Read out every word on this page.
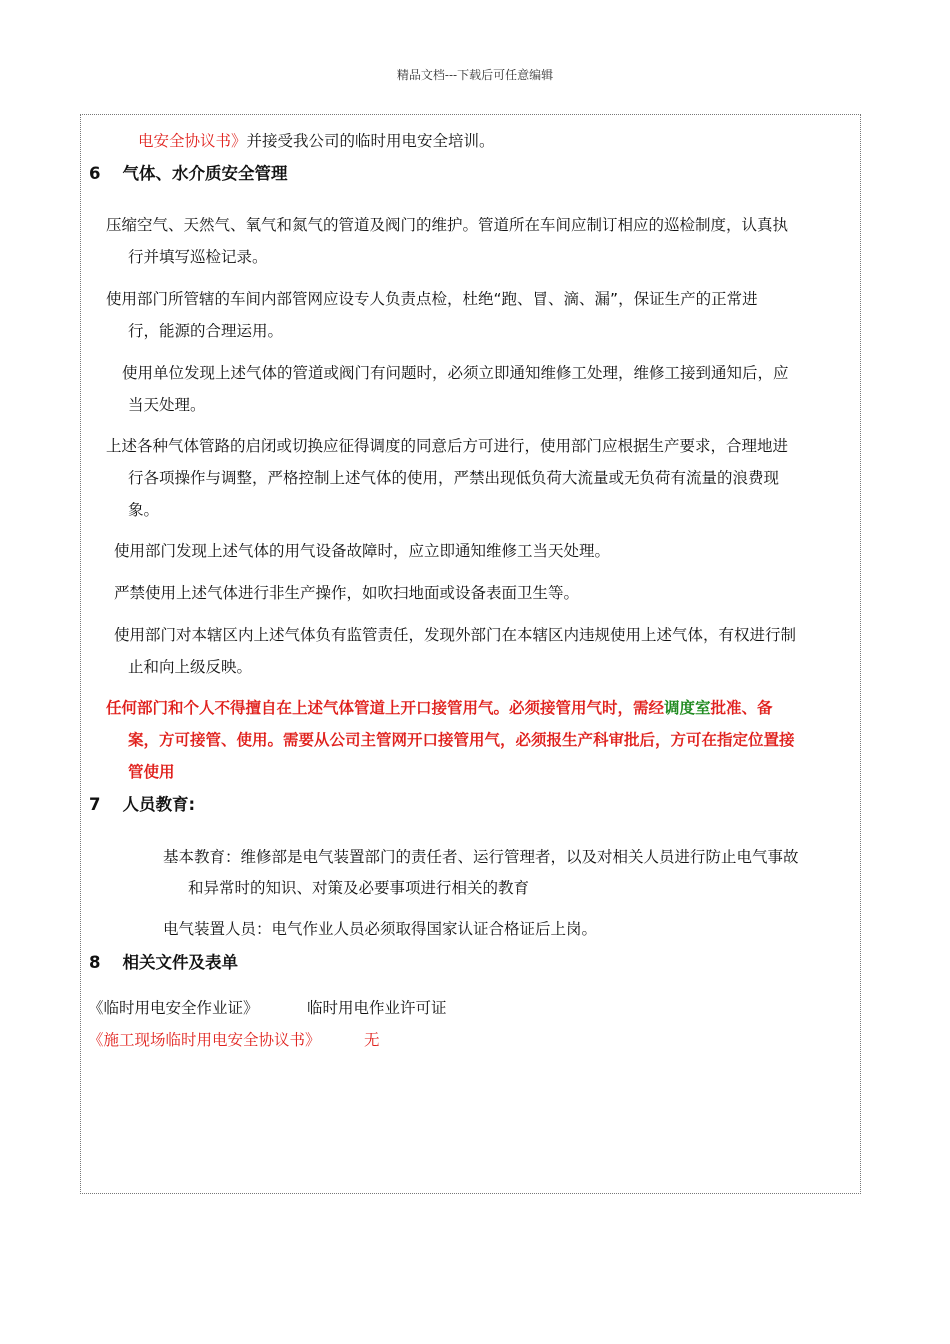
精品文档---下载后可任意编辑
电安全协议书》并接受我公司的临时用电安全培训。
6 气体、水介质安全管理
压缩空气、天然气、氧气和氮气的管道及阀门的维护。管道所在车间应制订相应的巡检制度，认真执
行并填写巡检记录。
使用部门所管辖的车间内部管网应设专人负责点检，杜绝“跑、冒、滴、漏”，保证生产的正常进
行，能源的合理运用。
使用单位发现上述气体的管道或阀门有问题时，必须立即通知维修工处理，维修工接到通知后，应
当天处理。
上述各种气体管路的启闭或切换应征得调度的同意后方可进行，使用部门应根据生产要求，合理地进
行各项操作与调整，严格控制上述气体的使用，严禁出现低负荷大流量或无负荷有流量的浪费现
象。
使用部门发现上述气体的用气设备故障时，应立即通知维修工当天处理。
严禁使用上述气体进行非生产操作，如吹扫地面或设备表面卫生等。
使用部门对本辖区内上述气体负有监管责任，发现外部门在本辖区内违规使用上述气体，有权进行制
止和向上级反映。
任何部门和个人不得擅自在上述气体管道上开口接管用气。必须接管用气时，需经调度室批准、备
案，方可接管、使用。需要从公司主管网开口接管用气，必须报生产科审批后，方可在指定位置接
管使用
7 人员教育:
基本教育：维修部是电气装置部门的责任者、运行管理者，以及对相关人员进行防止电气事故
和异常时的知识、对策及必要事项进行相关的教育
电气装置人员：电气作业人员必须取得国家认证合格证后上岗。
8 相关文件及表单
《临时用电安全作业证》	临时用电作业许可证
《施工现场临时用电安全协议书》	无
